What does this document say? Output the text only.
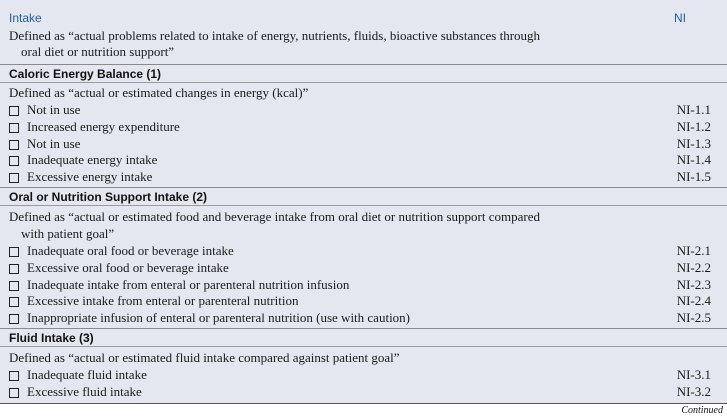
Intake	NI
Defined as “actual problems related to intake of energy, nutrients, fluids, bioactive substances through
oral diet or nutrition support”
Caloric Energy Balance (1)
Defined as “actual or estimated changes in energy (kcal)”
Not in use	NI-1.1
Increased energy expenditure	NI-1.2
Not in use	NI-1.3
Inadequate energy intake	NI-1.4
Excessive energy intake	NI-1.5
Oral or Nutrition Support Intake (2)
Defined as “actual or estimated food and beverage intake from oral diet or nutrition support compared
with patient goal”
Inadequate oral food or beverage intake	NI-2.1
Excessive oral food or beverage intake	NI-2.2
Inadequate intake from enteral or parenteral nutrition infusion	NI-2.3
Excessive intake from enteral or parenteral nutrition	NI-2.4
Inappropriate infusion of enteral or parenteral nutrition (use with caution)	NI-2.5
Fluid Intake (3)
Defined as “actual or estimated fluid intake compared against patient goal”
Inadequate fluid intake	NI-3.1
Excessive fluid intake	NI-3.2
Continued
